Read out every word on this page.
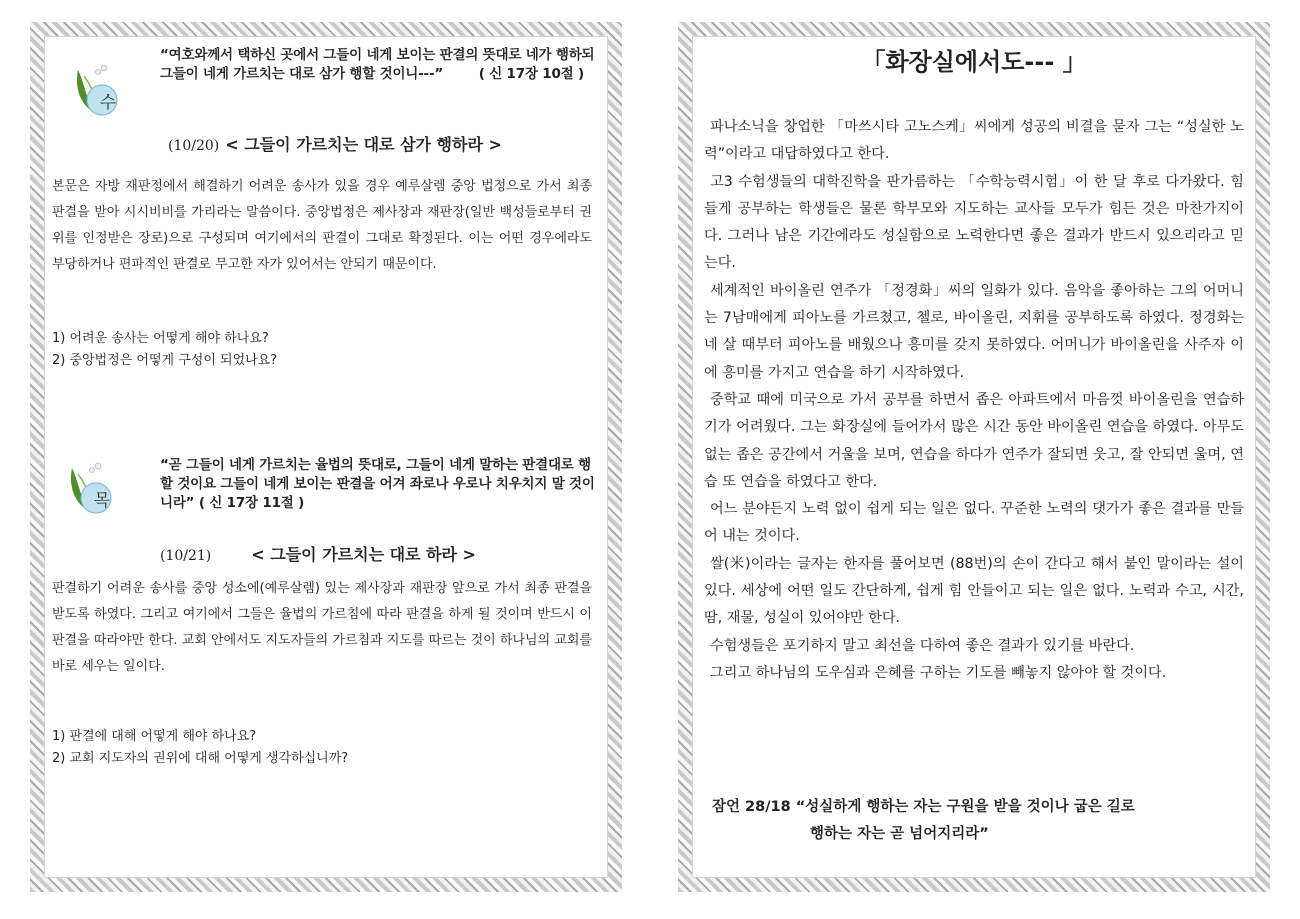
수
“여호와께서 택하신 곳에서 그들이 네게 보이는 판결의 뜻대로 네가 행하되 그들이 네게 가르치는 대로 삼가 행할 것이니---”	( 신 17장 10절 )
(10/20) < 그들이 가르치는 대로 삼가 행하라 >
본문은 자방 재판정에서 해결하기 어려운 송사가 있을 경우 예루살렘 중앙 법정으로 가서 최종 판결을 받아 시시비비를 가리라는 말씀이다. 중앙법정은 제사장과 재판장(일반 백성들로부터 권위를 인정받은 장로)으로 구성되며 여기에서의 판결이 그대로 확정된다. 이는 어떤 경우에라도 부당하거나 편파적인 판결로 무고한 자가 있어서는 안되기 때문이다.
1) 어려운 송사는 어떻게 해야 하나요?
2) 중앙법정은 어떻게 구성이 되었나요?
목
“곧 그들이 네게 가르치는 율법의 뜻대로, 그들이 네게 말하는 판결대로 행할 것이요 그들이 네게 보이는 판결을 어겨 좌로나 우로나 치우치지 말 것이니라” ( 신 17장 11절 )
(10/21)	< 그들이 가르치는 대로 하라 >
판결하기 어려운 송사를 중앙 성소에(예루살렘) 있는 제사장과 재판장 앞으로 가서 최종 판결을 받도록 하였다. 그리고 여기에서 그들은 율법의 가르침에 따라 판결을 하게 될 것이며 반드시 이 판결을 따라야만 한다. 교회 안에서도 지도자들의 가르침과 지도를 따르는 것이 하나님의 교회를 바로 세우는 일이다.
1) 판결에 대해 어떻게 해야 하나요?
2) 교회 지도자의 권위에 대해 어떻게 생각하십니까?
「화장실에서도--- 」

파나소닉을 창업한 「마쓰시타 고노스케」씨에게 성공의 비결을 묻자 그는 “성실한 노력”이라고 대답하였다고 한다.

고3 수험생들의 대학진학을 판가름하는 「수학능력시험」이 한 달 후로 다가왔다. 힘들게 공부하는 학생들은 물론 학부모와 지도하는 교사들 모두가 힘든 것은 마찬가지이다. 그러나 남은 기간에라도 성실함으로 노력한다면 좋은 결과가 반드시 있으리라고 믿는다.

세계적인 바이올린 연주가 「정경화」씨의 일화가 있다. 음악을 좋아하는 그의 어머니는 7남매에게 피아노를 가르쳤고, 첼로, 바이올린, 지휘를 공부하도록 하였다. 정경화는 네 살 때부터 피아노를 배웠으나 흥미를 갖지 못하였다. 어머니가 바이올린을 사주자 이에 흥미를 가지고 연습을 하기 시작하였다.

중학교 때에 미국으로 가서 공부를 하면서 좁은 아파트에서 마음껏 바이올린을 연습하기가 어려웠다. 그는 화장실에 들어가서 많은 시간 동안 바이올린 연습을 하였다. 아무도 없는 좁은 공간에서 거울을 보며, 연습을 하다가 연주가 잘되면 웃고, 잘 안되면 울며, 연습 또 연습을 하였다고 한다.

어느 분야든지 노력 없이 쉽게 되는 일은 없다. 꾸준한 노력의 댓가가 좋은 결과를 만들어 내는 것이다.

쌀(米)이라는 글자는 한자를 풀어보면 (88번)의 손이 간다고 해서 붙인 말이라는 설이 있다. 세상에 어떤 일도 간단하게, 쉽게 힘 안들이고 되는 일은 없다. 노력과 수고, 시간, 땀, 재물, 성실이 있어야만 한다.

수험생들은 포기하지 말고 최선을 다하여 좋은 결과가 있기를 바란다.

그리고 하나님의 도우심과 은혜를 구하는 기도를 빼놓지 않아야 할 것이다.

잠언 28/18 “성실하게 행하는 자는 구원을 받을 것이나 굽은 길로
행하는 자는 곧 넘어지리라”
